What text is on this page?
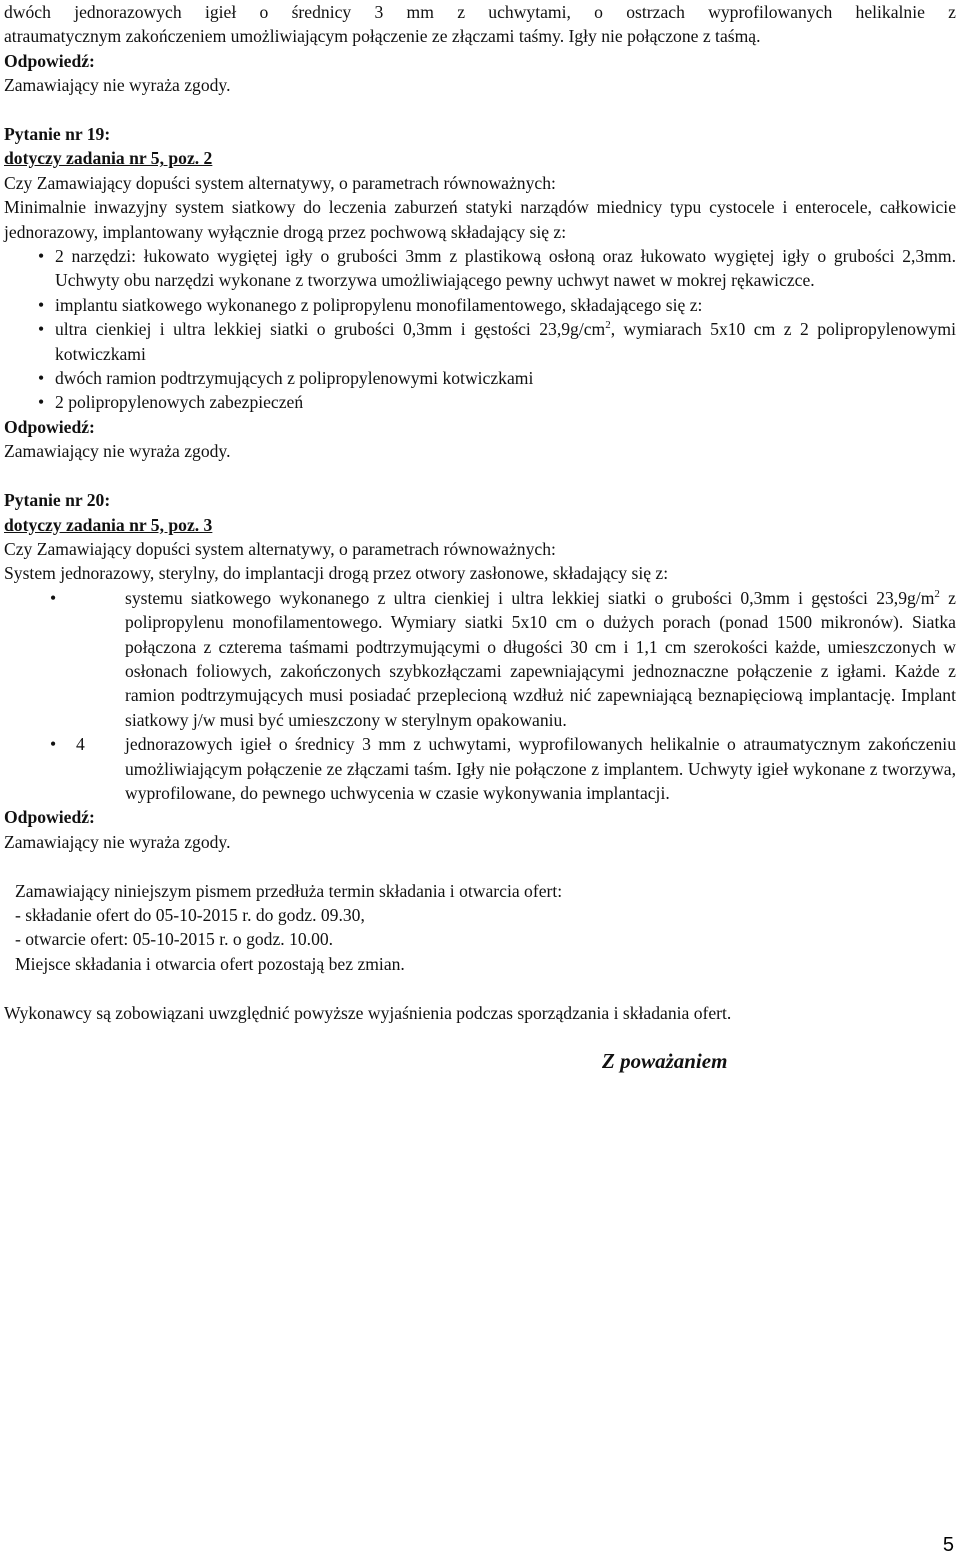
dwóch jednorazowych igieł o średnicy 3 mm z uchwytami, o ostrzach wyprofilowanych helikalnie z

atraumatycznym zakończeniem umożliwiającym połączenie ze złączami taśmy. Igły nie połączone z taśmą.

Odpowiedź:

Zamawiający nie wyraża zgody.

Pytanie nr 19:

dotyczy zadania nr 5, poz. 2

Czy Zamawiający dopuści system alternatywy, o parametrach równoważnych:

Minimalnie inwazyjny system siatkowy do leczenia zaburzeń statyki narządów miednicy typu cystocele i enterocele, całkowicie jednorazowy, implantowany wyłącznie drogą przez pochwową składający się z:

• 2 narzędzi: łukowato wygiętej igły o grubości 3mm z plastikową osłoną oraz łukowato wygiętej igły o grubości 2,3mm. Uchwyty obu narzędzi wykonane z tworzywa umożliwiającego pewny uchwyt nawet w mokrej rękawiczce.
• implantu siatkowego wykonanego z polipropylenu monofilamentowego, składającego się z:
• ultra cienkiej i ultra lekkiej siatki o grubości 0,3mm i gęstości $23,9g/cm^2$, wymiarach 5x10 cm z 2 polipropylenowymi kotwiczkami
• dwóch ramion podtrzymujących z polipropylenowymi kotwiczkami
• 2 polipropylenowych zabezpieczeń

Odpowiedź:

Zamawiający nie wyraża zgody.

Pytanie nr 20:

dotyczy zadania nr 5, poz. 3

Czy Zamawiający dopuści system alternatywy, o parametrach równoważnych:

System jednorazowy, sterylny, do implantacji drogą przez otwory zasłonowe, składający się z:

•	systemu siatkowego wykonanego z ultra cienkiej i ultra lekkiej siatki o grubości 0,3mm i gęstości $23,9g/m^2$ z polipropylenu monofilamentowego. Wymiary siatki 5x10 cm o dużych porach (ponad 1500 mikronów). Siatka połączona z czterema taśmami podtrzymującymi o długości 30 cm i 1,1 cm szerokości każde, umieszczonych w osłonach foliowych, zakończonych szybkozłączami zapewniającymi jednoznaczne połączenie z igłami. Każde z ramion podtrzymujących musi posiadać przeplecioną wzdłuż nić zapewniającą beznapięciową implantację. Implant siatkowy j/w musi być umieszczony w sterylnym opakowaniu.
• 4 jednorazowych igieł o średnicy 3 mm z uchwytami, wyprofilowanych helikalnie o atraumatycznym zakończeniu umożliwiającym połączenie ze złączami taśm. Igły nie połączone z implantem. Uchwyty igieł wykonane z tworzywa, wyprofilowane, do pewnego uchwycenia w czasie wykonywania implantacji.

Odpowiedź:

Zamawiający nie wyraża zgody.

Zamawiający niniejszym pismem przedłuża termin składania i otwarcia ofert:

- składanie ofert do 05-10-2015 r. do godz. 09.30,

- otwarcie ofert: 05-10-2015 r. o godz. 10.00.

Miejsce składania i otwarcia ofert pozostają bez zmian.

Wykonawcy są zobowiązani uwzględnić powyższe wyjaśnienia podczas sporządzania i składania ofert.

Z poważaniem

5
